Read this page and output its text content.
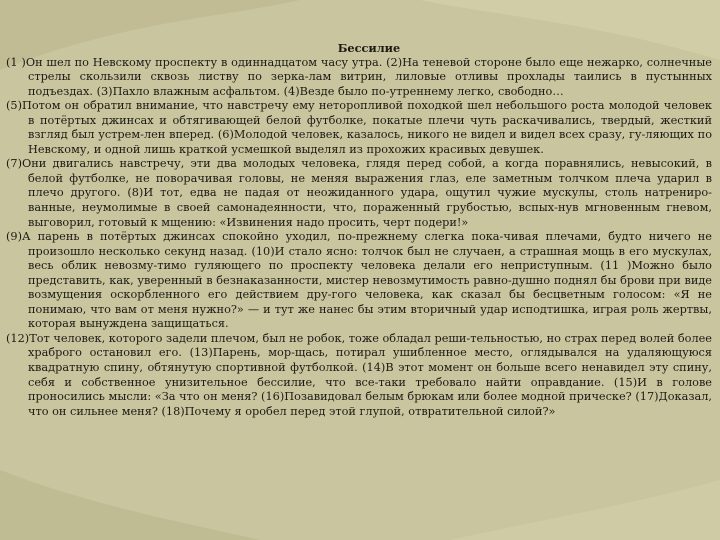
Бессилие

(1 )Он шел по Невскому проспекту в одиннадцатом часу утра. (2)На теневой стороне было еще нежарко, солнечные стрелы скользили сквозь листву по зерка-лам витрин, лиловые отливы прохлады таились в пустынных подъездах. (3)Пахло влажным асфальтом. (4)Везде было по-утреннему легко, свободно…

(5)Потом он обратил внимание, что навстречу ему неторопливой походкой шел небольшого роста молодой человек в потёртых джинсах и обтягивающей белой футболке, покатые плечи чуть раскачивались, твердый, жесткий взгляд был устрем-лен вперед. (6)Молодой человек, казалось, никого не видел и видел всех сразу, гу-ляющих по Невскому, и одной лишь краткой усмешкой выделял из прохожих красивых девушек.

(7)Они двигались навстречу, эти два молодых человека, глядя перед собой, а когда поравнялись, невысокий, в белой футболке, не поворачивая головы, не меняя выражения глаз, еле заметным толчком плеча ударил в плечо другого. (8)И тот, едва не падая от неожиданного удара, ощутил чужие мускулы, столь натрениро-ванные, неумолимые в своей самонадеянности, что, пораженный грубостью, вспых-нув мгновенным гневом, выговорил, готовый к мщению: «Извинения надо просить, черт подери!»

(9)А парень в потёртых джинсах спокойно уходил, по-прежнему слегка пока-чивая плечами, будто ничего не произошло несколько секунд назад. (10)И стало ясно: толчок был не случаен, а страшная мощь в его мускулах, весь облик невозму-тимо гуляющего по проспекту человека делали его неприступным. (11 )Можно было представить, как, уверенный в безнаказанности, мистер невозмутимость равно-душно поднял бы брови при виде возмущения оскорбленного его действием дру-гого человека, как сказал бы бесцветным голосом: «Я не понимаю, что вам от меня нужно?» — и тут же нанес бы этим вторичный удар исподтишка, играя роль жертвы, которая вынуждена защищаться.

(12)Тот человек, которого задели плечом, был не робок, тоже обладал реши-тельностью, но страх перед волей более храброго остановил его. (13)Парень, мор-щась, потирал ушибленное место, оглядывался на удаляющуюся квадратную спину, обтянутую спортивной футболкой. (14)В этот момент он больше всего ненавидел эту спину, себя и собственное унизительное бессилие, что все-таки требовало найти оправдание. (15)И в голове проносились мысли: «За что он меня? (16)Позавидовал белым брюкам или более модной прическе? (17)Доказал, что он сильнее меня? (18)Почему я оробел перед этой глупой, отвратительной силой?»
